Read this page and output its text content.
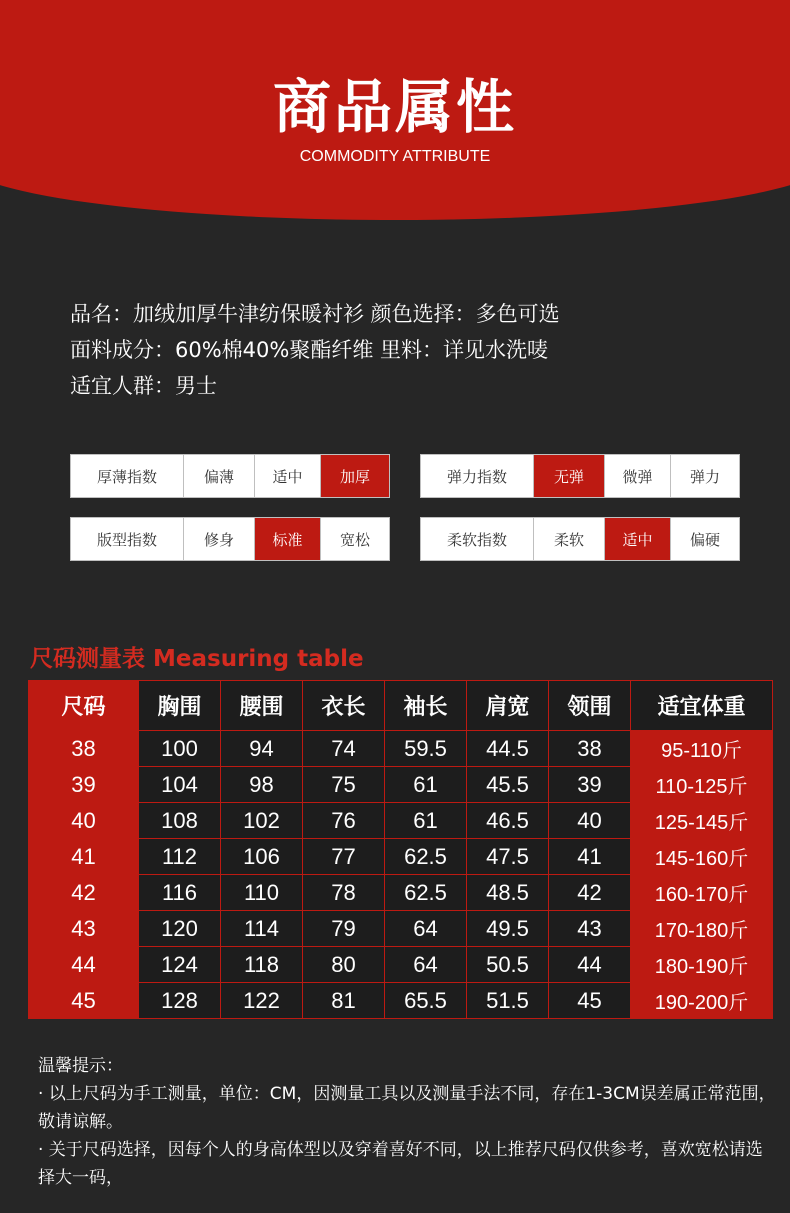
商品属性
COMMODITY ATTRIBUTE
品名：加绒加厚牛津纺保暖衬衫 颜色选择：多色可选
面料成分：60%棉40%聚酯纤维 里料：详见水洗唛
适宜人群：男士
厚薄指数	偏薄	适中	加厚	弹力指数	无弹	微弹	弹力
版型指数	修身	标准	宽松	柔软指数	柔软	适中	偏硬
尺码测量表 Measuring table
尺码	胸围	腰围	衣长	袖长	肩宽	领围	适宜体重
38	100	94	74	59.5	44.5	38	95-110斤
39	104	98	75	61	45.5	39	110-125斤
40	108	102	76	61	46.5	40	125-145斤
41	112	106	77	62.5	47.5	41	145-160斤
42	116	110	78	62.5	48.5	42	160-170斤
43	120	114	79	64	49.5	43	170-180斤
44	124	118	80	64	50.5	44	180-190斤
45	128	122	81	65.5	51.5	45	190-200斤
温馨提示：
· 以上尺码为手工测量，单位：CM，因测量工具以及测量手法不同，存在1-3CM误差属正常范围，敬请谅解。
· 关于尺码选择，因每个人的身高体型以及穿着喜好不同，以上推荐尺码仅供参考，喜欢宽松请选择大一码，
